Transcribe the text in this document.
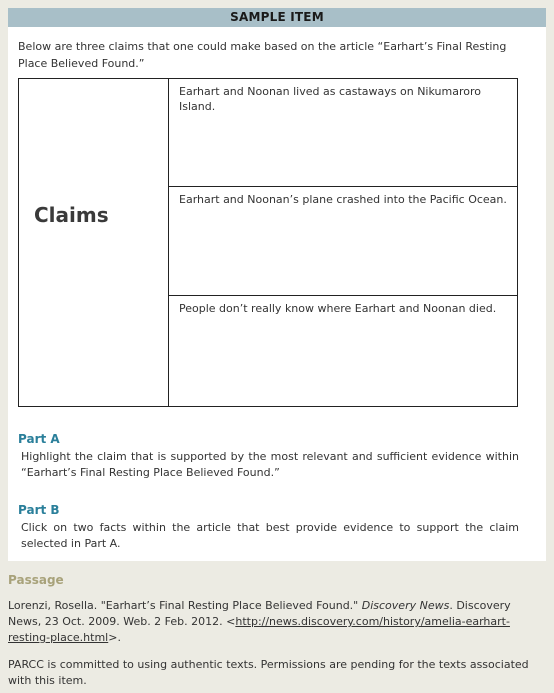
SAMPLE ITEM
Below are three claims that one could make based on the article “Earhart’s Final Resting Place Believed Found.”
Claims
Earhart and Noonan lived as castaways on Nikumaroro Island.
Earhart and Noonan’s plane crashed into the Pacific Ocean.
People don’t really know where Earhart and Noonan died.
Part A
Highlight the claim that is supported by the most relevant and sufficient evidence within “Earhart’s Final Resting Place Believed Found.”
Part B
Click on two facts within the article that best provide evidence to support the claim selected in Part A.
Passage
Lorenzi, Rosella. "Earhart’s Final Resting Place Believed Found." Discovery News. Discovery News, 23 Oct. 2009. Web. 2 Feb. 2012. <http://news.discovery.com/history/amelia-earhart-resting-place.html>.
PARCC is committed to using authentic texts. Permissions are pending for the texts associated with this item.
